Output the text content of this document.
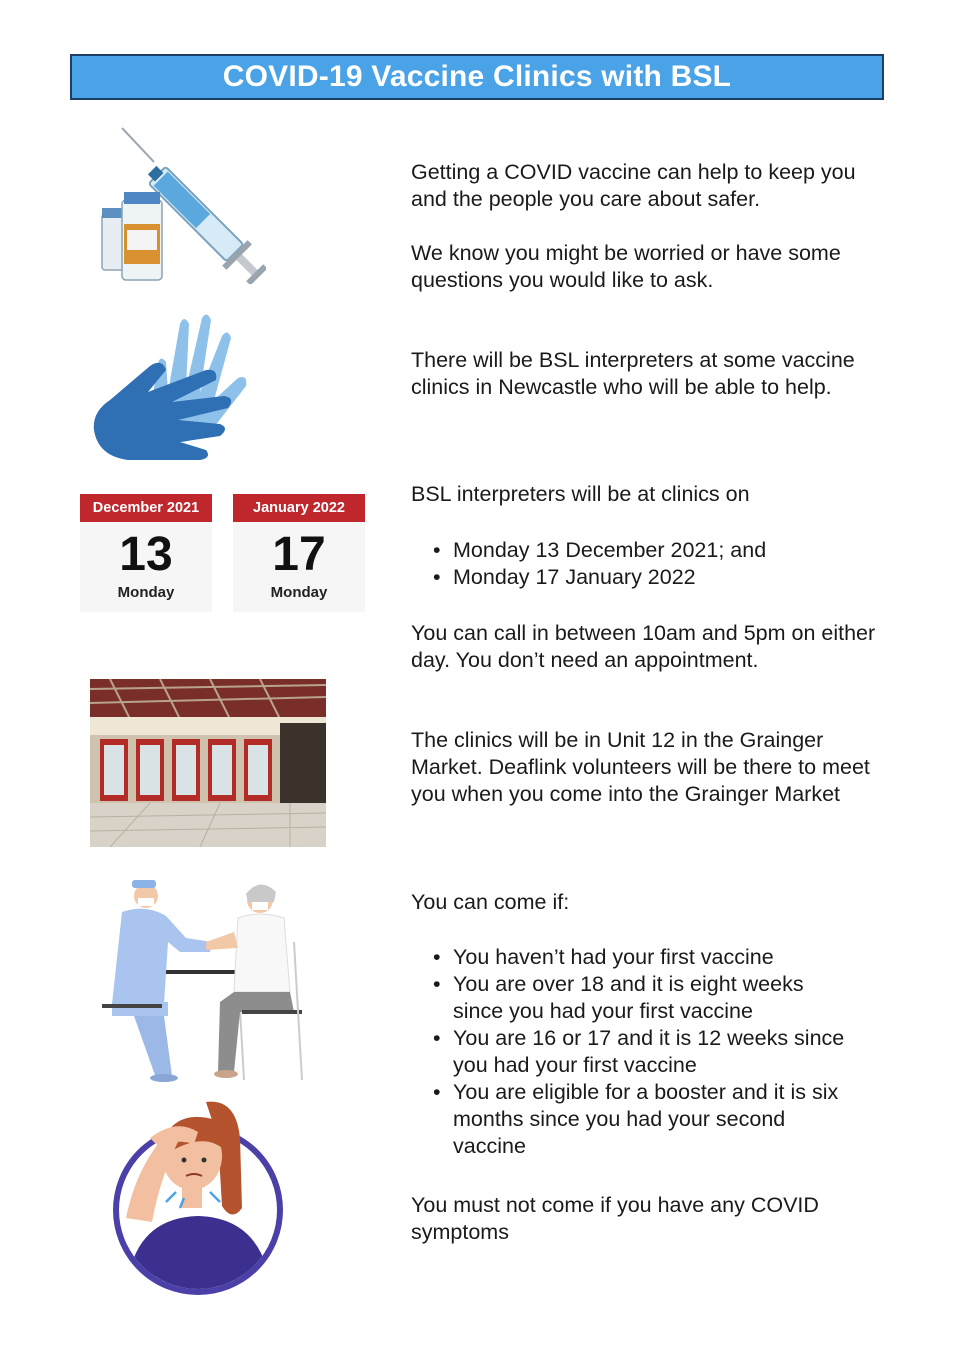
COVID-19 Vaccine Clinics with BSL
December 2021
13
Monday
January 2022
17
Monday

Getting a COVID vaccine can help to keep you and the people you care about safer.

We know you might be worried or have some questions you would like to ask.

There will be BSL interpreters at some vaccine clinics in Newcastle who will be able to help.

BSL interpreters will be at clinics on

• Monday 13 December 2021; and
• Monday 17 January 2022

You can call in between 10am and 5pm on either day. You don’t need an appointment.

The clinics will be in Unit 12 in the Grainger Market. Deaflink volunteers will be there to meet you when you come into the Grainger Market

You can come if:

• You haven’t had your first vaccine
• You are over 18 and it is eight weeks since you had your first vaccine
• You are 16 or 17 and it is 12 weeks since you had your first vaccine
• You are eligible for a booster and it is six months since you had your second vaccine

You must not come if you have any COVID symptoms
